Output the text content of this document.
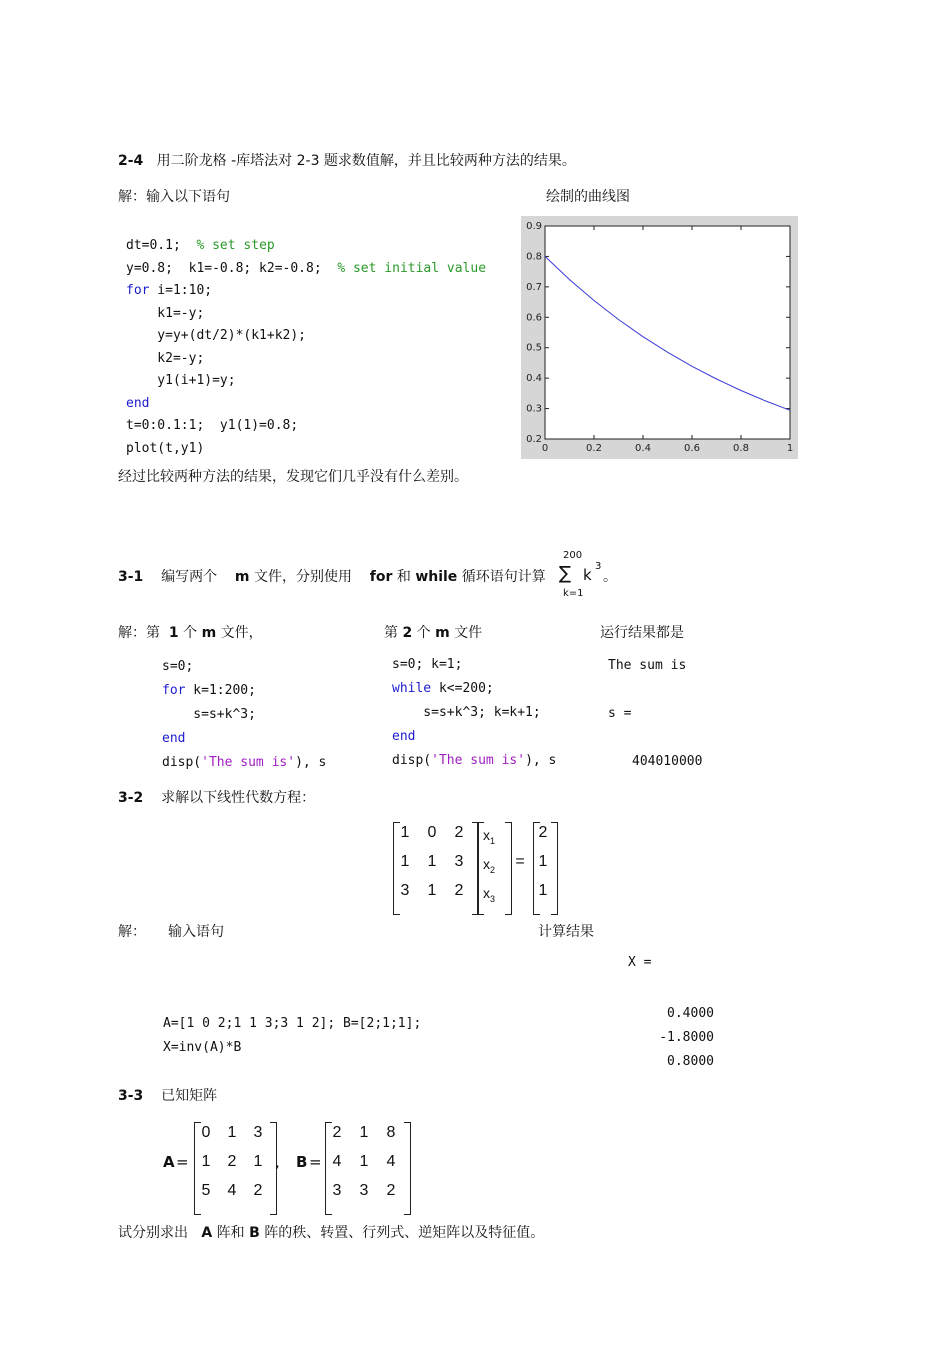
2-4 用二阶龙格 -库塔法对 2-3 题求数值解，并且比较两种方法的结果。
解：输入以下语句	绘制的曲线图
dt=0.1;  % set step
y=0.8;  k1=-0.8; k2=-0.8;  % set initial value
for i=1:10;
k1=-y;
y=y+(dt/2)*(k1+k2);
k2=-y;
y1(i+1)=y;
end
t=0:0.1:1;  y1(1)=0.8;
plot(t,y1)	0	0.2	0.4	0.6	0.8	1
0.2
0.3
0.4
0.5
0.6
0.7
0.8
0.9
经过比较两种方法的结果，发现它们几乎没有什么差别。
3-1 编写两个 m 文件，分别使用 for 和 while 循环语句计算
200
∑ k 3
。
k=1
解：第 1 个 m 文件，	第 2 个 m 文件	运行结果都是
s=0;
for k=1:200;
s=s+k^3;
end
disp('The sum is'), s
s=0; k=1;
while k<=200;
s=s+k^3; k=k+1;
end
disp('The sum is'), s
The sum is
s =
404010000
3-2 求解以下线性代数方程：
1	0	2
1	1	3
3	1	2
$x_1$
$x_2$
$x_3$
=
2
1
1
解： 输入语句	计算结果
A=[1 0 2;1 1 3;3 1 2]; B=[2;1;1];
X=inv(A)*B
X =
0.4000
-1.8000
0.8000
3-3 已知矩阵
A =
0	1	3
1	2	1
5	4	2
, B =
2	1	8
4	1	4
3	3	2
试分别求出 A 阵和 B 阵的秩、转置、行列式、逆矩阵以及特征值。
